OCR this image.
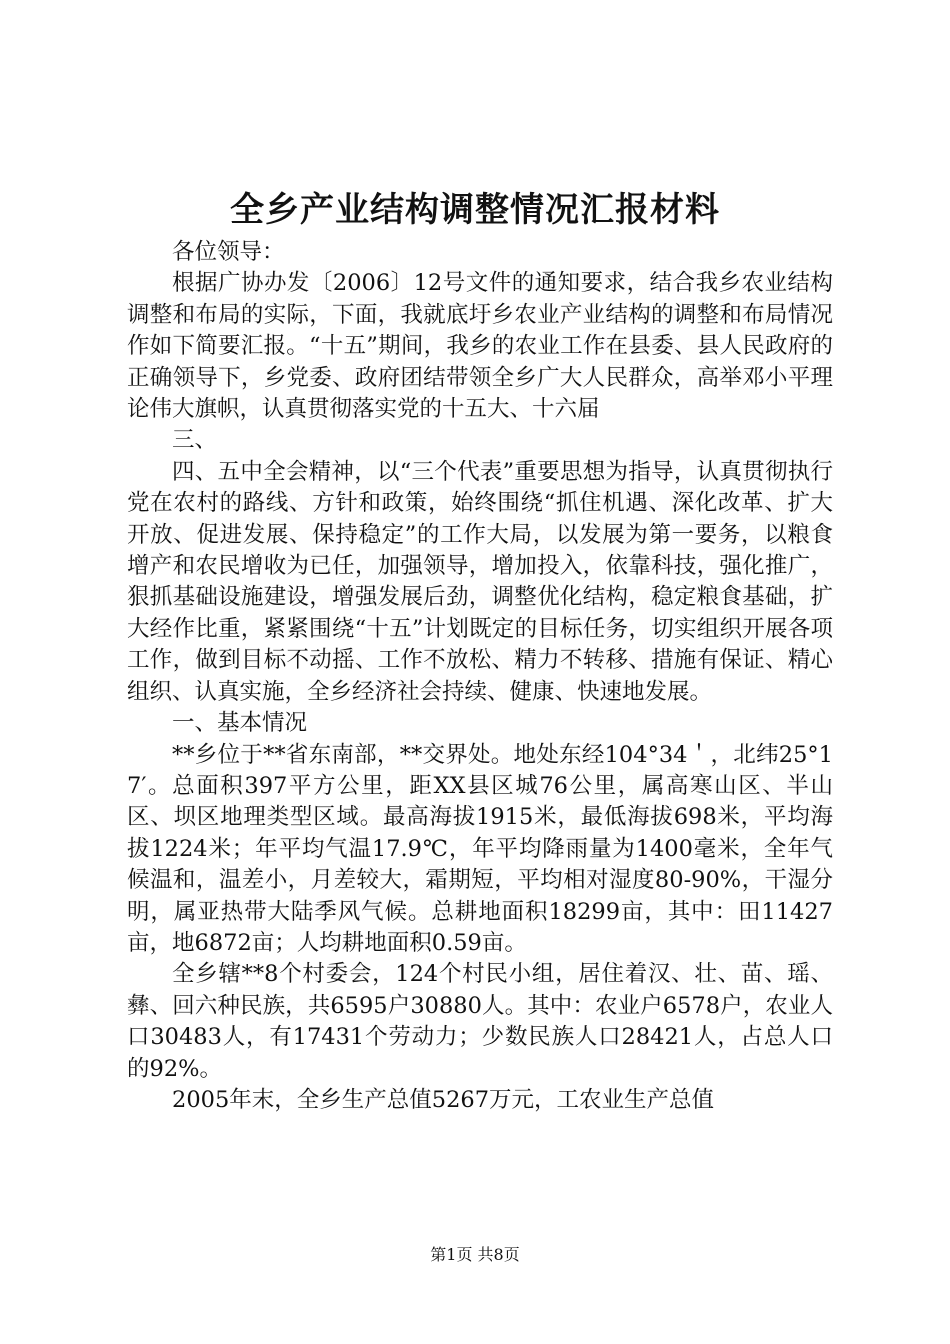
全乡产业结构调整情况汇报材料

各位领导：

根据广协办发〔2006〕12号文件的通知要求，结合我乡农业结构调整和布局的实际，下面，我就底圩乡农业产业结构的调整和布局情况作如下简要汇报。“十五”期间，我乡的农业工作在县委、县人民政府的正确领导下，乡党委、政府团结带领全乡广大人民群众，高举邓小平理论伟大旗帜，认真贯彻落实党的十五大、十六届

三、

四、五中全会精神，以“三个代表”重要思想为指导，认真贯彻执行党在农村的路线、方针和政策，始终围绕“抓住机遇、深化改革、扩大开放、促进发展、保持稳定”的工作大局，以发展为第一要务，以粮食增产和农民增收为已任，加强领导，增加投入，依靠科技，强化推广，狠抓基础设施建设，增强发展后劲，调整优化结构，稳定粮食基础，扩大经作比重，紧紧围绕“十五”计划既定的目标任务，切实组织开展各项工作，做到目标不动摇、工作不放松、精力不转移、措施有保证、精心组织、认真实施，全乡经济社会持续、健康、快速地发展。

一、基本情况

**乡位于**省东南部，**交界处。地处东经104°34＇，北纬25°17′。总面积397平方公里，距XX县区城76公里，属高寒山区、半山区、坝区地理类型区域。最高海拔1915米，最低海拔698米，平均海拔1224米；年平均气温17.9℃，年平均降雨量为1400毫米，全年气候温和，温差小，月差较大，霜期短，平均相对湿度80-90%，干湿分明，属亚热带大陆季风气候。总耕地面积18299亩，其中：田11427亩，地6872亩；人均耕地面积0.59亩。

全乡辖**8个村委会，124个村民小组，居住着汉、壮、苗、瑶、彝、回六种民族，共6595户30880人。其中：农业户6578户，农业人口30483人，有17431个劳动力；少数民族人口28421人，占总人口的92%。

2005年末，全乡生产总值5267万元，工农业生产总值

第1页 共8页
